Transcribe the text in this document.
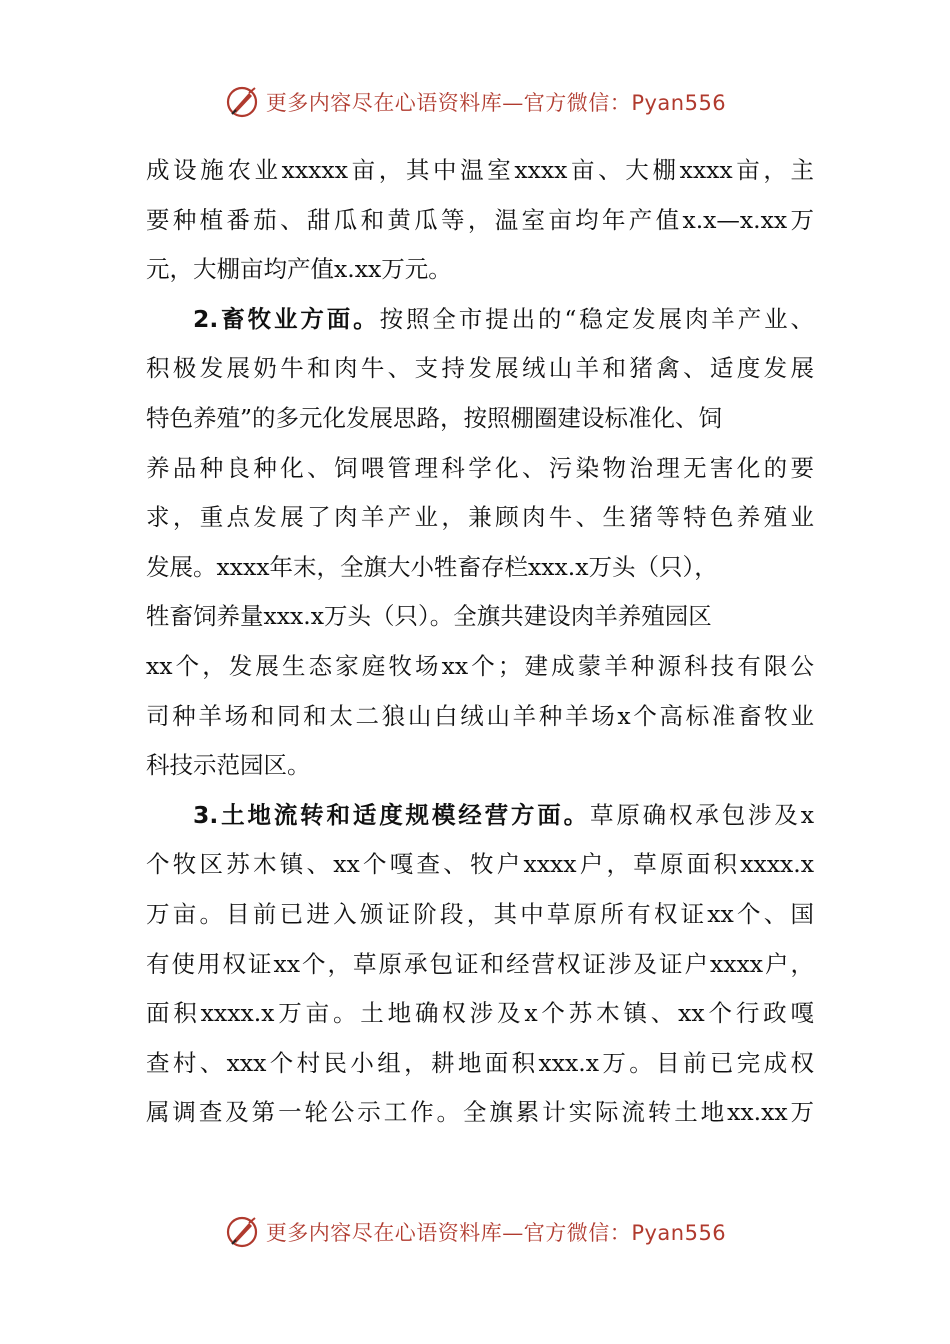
更多内容尽在心语资料库—官方微信：Pyan556
成设施农业xxxxx亩，其中温室xxxx亩、大棚xxxx亩，主
要种植番茄、甜瓜和黄瓜等，温室亩均年产值x.x—x.xx万
元，大棚亩均产值x.xx万元。
2.畜牧业方面。按照全市提出的“稳定发展肉羊产业、
积极发展奶牛和肉牛、支持发展绒山羊和猪禽、适度发展
特色养殖”的多元化发展思路，按照棚圈建设标准化、饲
养品种良种化、饲喂管理科学化、污染物治理无害化的要
求，重点发展了肉羊产业，兼顾肉牛、生猪等特色养殖业
发展。xxxx年末，全旗大小牲畜存栏xxx.x万头（只），
牲畜饲养量xxx.x万头（只）。全旗共建设肉羊养殖园区
xx个，发展生态家庭牧场xx个；建成蒙羊种源科技有限公
司种羊场和同和太二狼山白绒山羊种羊场x个高标准畜牧业
科技示范园区。
3.土地流转和适度规模经营方面。草原确权承包涉及x
个牧区苏木镇、xx个嘎查、牧户xxxx户，草原面积xxxx.x
万亩。目前已进入颁证阶段，其中草原所有权证xx个、国
有使用权证xx个，草原承包证和经营权证涉及证户xxxx户，
面积xxxx.x万亩。土地确权涉及x个苏木镇、xx个行政嘎
查村、xxx个村民小组，耕地面积xxx.x万。目前已完成权
属调查及第一轮公示工作。全旗累计实际流转土地xx.xx万
更多内容尽在心语资料库—官方微信：Pyan556
